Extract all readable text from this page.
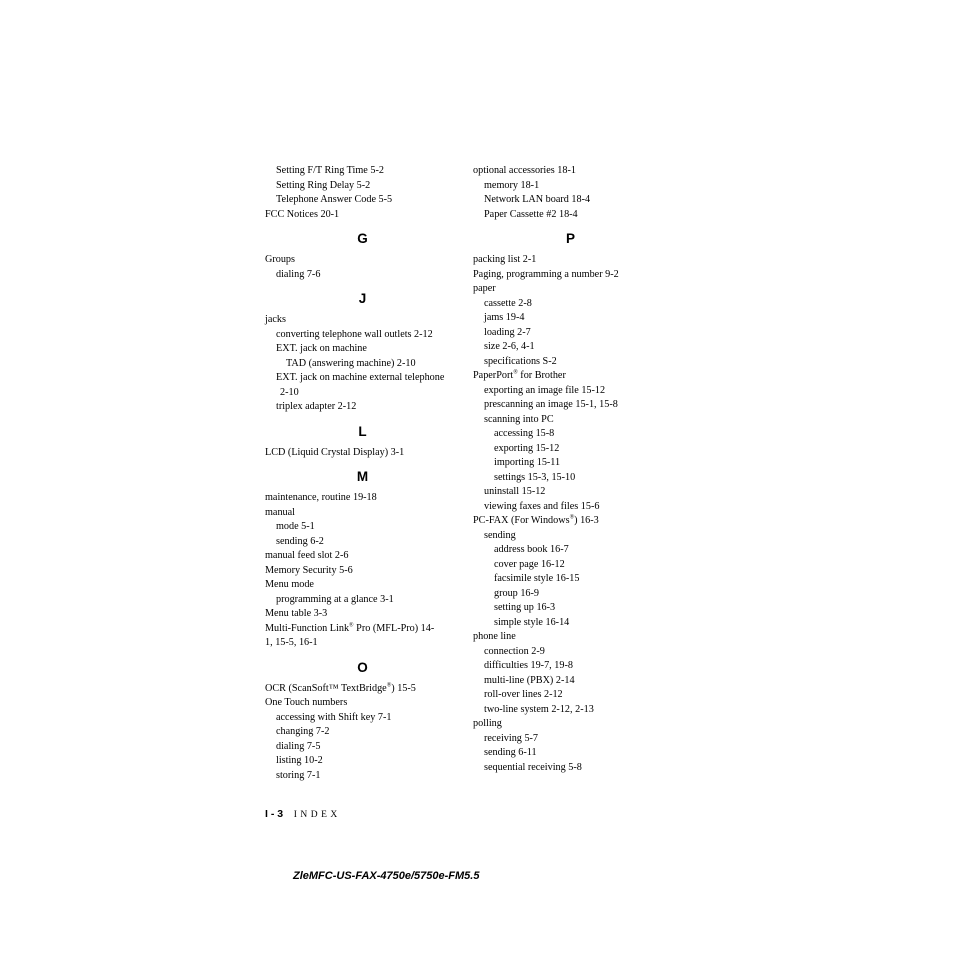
Setting F/T Ring Time 5-2
Setting Ring Delay 5-2
Telephone Answer Code 5-5
FCC Notices 20-1
G
Groups
dialing 7-6
J
jacks
converting telephone wall outlets 2-12
EXT. jack on machine
TAD (answering machine) 2-10
EXT. jack on machine external telephone
2-10
triplex adapter 2-12
L
LCD (Liquid Crystal Display) 3-1
M
maintenance, routine 19-18
manual
mode 5-1
sending 6-2
manual feed slot 2-6
Memory Security 5-6
Menu mode
programming at a glance 3-1
Menu table 3-3
Multi-Function Link® Pro (MFL-Pro) 14-
1, 15-5, 16-1
O
OCR (ScanSoft™ TextBridge®) 15-5
One Touch numbers
accessing with Shift key 7-1
changing 7-2
dialing 7-5
listing 10-2
storing 7-1
optional accessories 18-1
memory 18-1
Network LAN board 18-4
Paper Cassette #2 18-4
P
packing list 2-1
Paging, programming a number 9-2
paper
cassette 2-8
jams 19-4
loading 2-7
size 2-6, 4-1
specifications S-2
PaperPort® for Brother
exporting an image file 15-12
prescanning an image 15-1, 15-8
scanning into PC
accessing 15-8
exporting 15-12
importing 15-11
settings 15-3, 15-10
uninstall 15-12
viewing faxes and files 15-6
PC-FAX (For Windows®) 16-3
sending
address book 16-7
cover page 16-12
facsimile style 16-15
group 16-9
setting up 16-3
simple style 16-14
phone line
connection 2-9
difficulties 19-7, 19-8
multi-line (PBX) 2-14
roll-over lines 2-12
two-line system 2-12, 2-13
polling
receiving 5-7
sending 6-11
sequential receiving 5-8
I - 3 INDEX
ZleMFC-US-FAX-4750e/5750e-FM5.5
